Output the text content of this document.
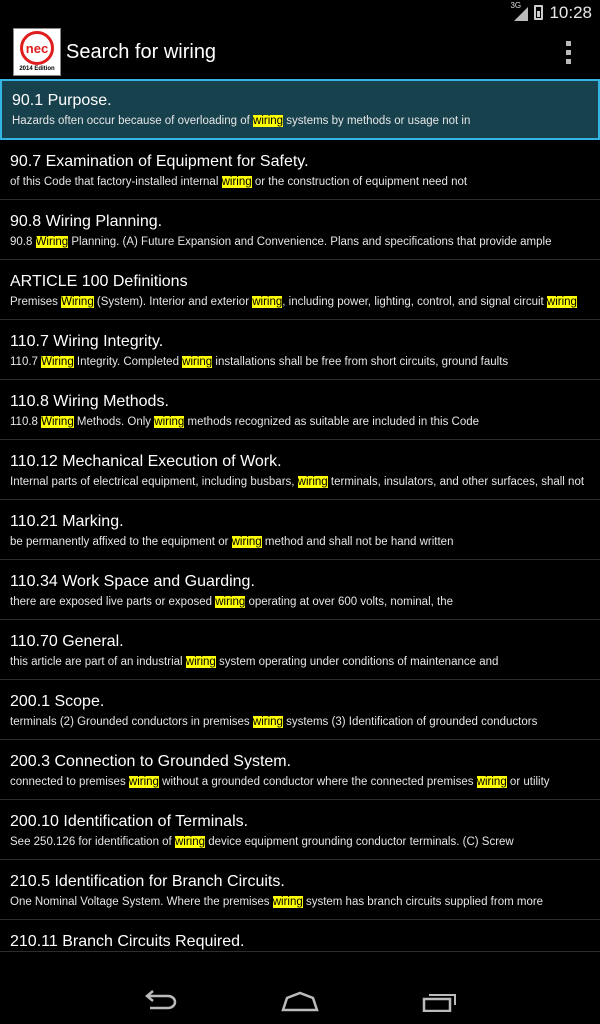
3G 10:28
nec
2014 Edition
Search for wiring
90.1 Purpose.
Hazards often occur because of overloading of wiring systems by methods or usage not in
90.7 Examination of Equipment for Safety.
of this Code that factory-installed internal wiring or the construction of equipment need not
90.8 Wiring Planning.
90.8 Wiring Planning. (A) Future Expansion and Convenience. Plans and specifications that provide ample
ARTICLE 100 Definitions
Premises Wiring (System). Interior and exterior wiring, including power, lighting, control, and signal circuit wiring
110.7 Wiring Integrity.
110.7 Wiring Integrity. Completed wiring installations shall be free from short circuits, ground faults
110.8 Wiring Methods.
110.8 Wiring Methods. Only wiring methods recognized as suitable are included in this Code
110.12 Mechanical Execution of Work.
Internal parts of electrical equipment, including busbars, wiring terminals, insulators, and other surfaces, shall not
110.21 Marking.
be permanently affixed to the equipment or wiring method and shall not be hand written
110.34 Work Space and Guarding.
there are exposed live parts or exposed wiring operating at over 600 volts, nominal, the
110.70 General.
this article are part of an industrial wiring system operating under conditions of maintenance and
200.1 Scope.
terminals (2) Grounded conductors in premises wiring systems (3) Identification of grounded conductors
200.3 Connection to Grounded System.
connected to premises wiring without a grounded conductor where the connected premises wiring or utility
200.10 Identification of Terminals.
See 250.126 for identification of wiring device equipment grounding conductor terminals. (C) Screw
210.5 Identification for Branch Circuits.
One Nominal Voltage System. Where the premises wiring system has branch circuits supplied from more
210.11 Branch Circuits Required.
